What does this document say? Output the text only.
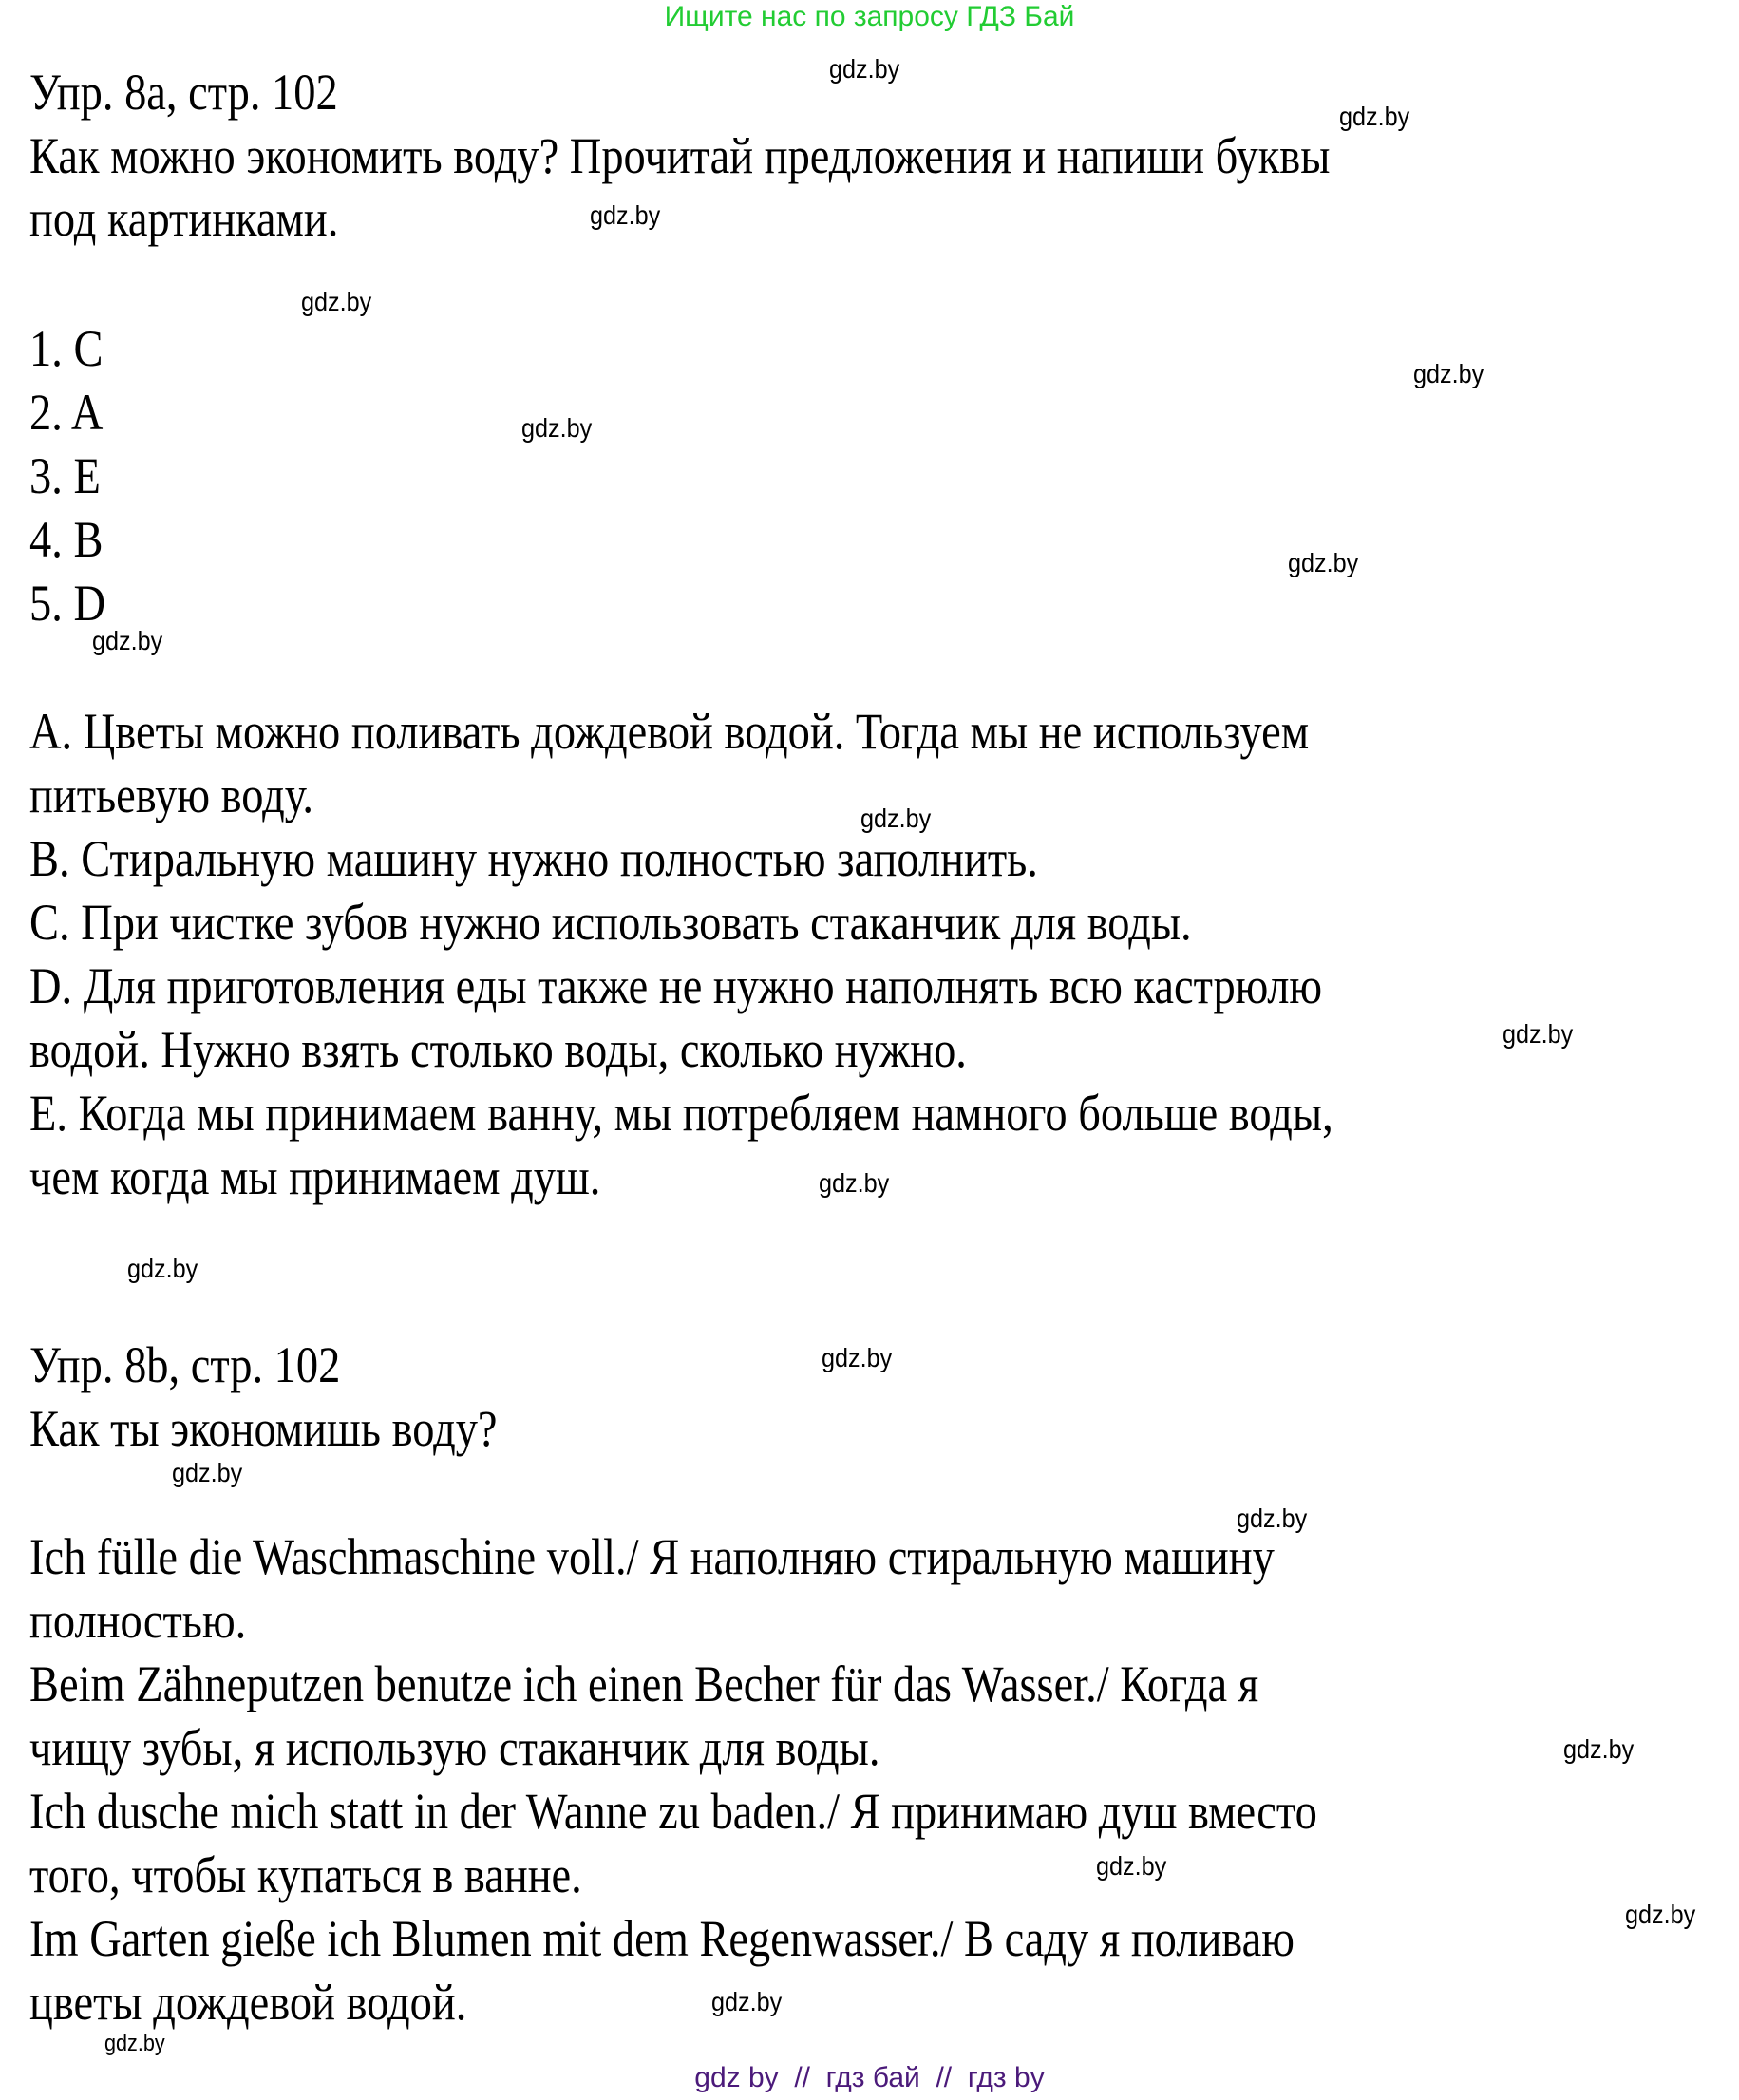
Ищите нас по запросу ГДЗ Бай
Упр. 8a, стр. 102
Как можно экономить воду? Прочитай предложения и напиши буквы
под картинками.
1. C
2. A
3. E
4. B
5. D
A. Цветы можно поливать дождевой водой. Тогда мы не используем
питьевую воду.
B. Стиральную машину нужно полностью заполнить.
C. При чистке зубов нужно использовать стаканчик для воды.
D. Для приготовления еды также не нужно наполнять всю кастрюлю
водой. Нужно взять столько воды, сколько нужно.
E. Когда мы принимаем ванну, мы потребляем намного больше воды,
чем когда мы принимаем душ.
Упр. 8b, стр. 102
Как ты экономишь воду?
Ich fülle die Waschmaschine voll./ Я наполняю стиральную машину
полностью.
Beim Zähneputzen benutze ich einen Becher für das Wasser./ Когда я
чищу зубы, я использую стаканчик для воды.
Ich dusche mich statt in der Wanne zu baden./ Я принимаю душ вместо
того, чтобы купаться в ванне.
Im Garten gieße ich Blumen mit dem Regenwasser./ В саду я поливаю
цветы дождевой водой.
gdz.by
gdz.by
gdz.by
gdz.by
gdz.by
gdz.by
gdz.by
gdz.by
gdz.by
gdz.by
gdz.by
gdz.by
gdz.by
gdz.by
gdz.by
gdz.by
gdz.by
gdz.by
gdz.by
gdz.by
gdz by  //  гдз бай  //  гдз by
